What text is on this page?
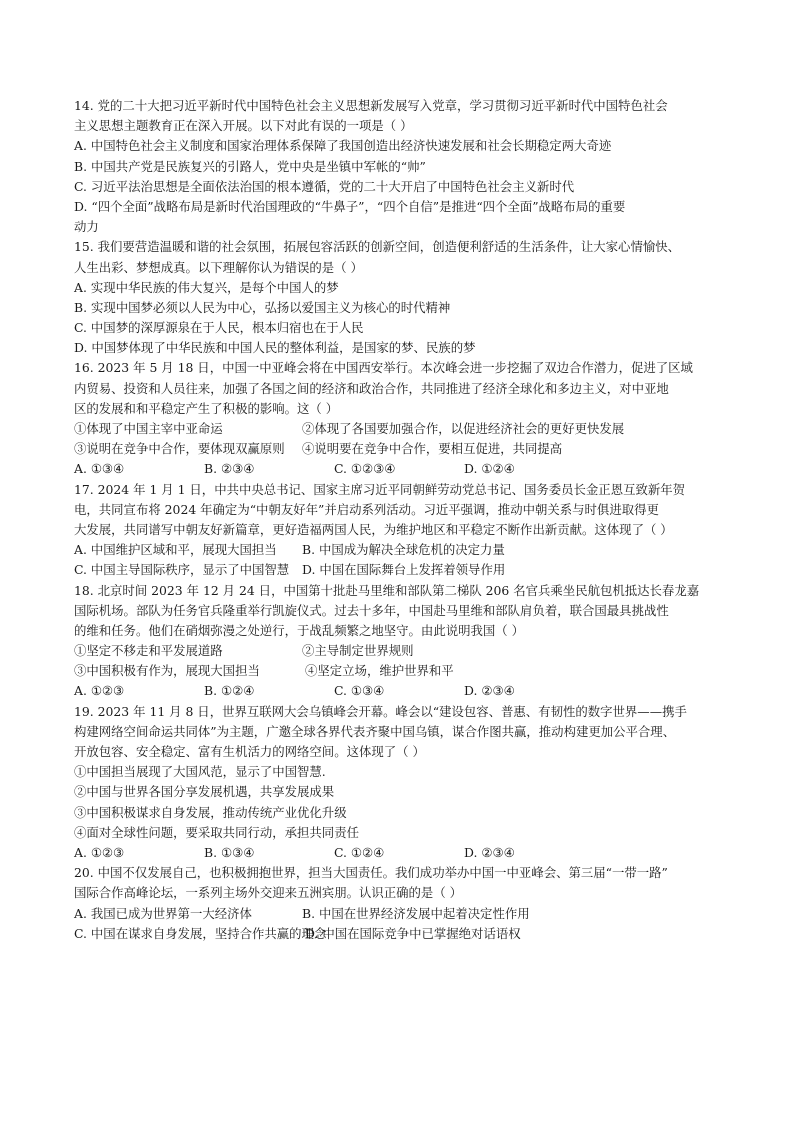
14. 党的二十大把习近平新时代中国特色社会主义思想新发展写入党章，学习贯彻习近平新时代中国特色社会
主义思想主题教育正在深入开展。以下对此有误的一项是（ ）
A. 中国特色社会主义制度和国家治理体系保障了我国创造出经济快速发展和社会长期稳定两大奇迹
B. 中国共产党是民族复兴的引路人，党中央是坐镇中军帐的“帅”
C. 习近平法治思想是全面依法治国的根本遵循，党的二十大开启了中国特色社会主义新时代
D. “四个全面”战略布局是新时代治国理政的“牛鼻子”，“四个自信”是推进“四个全面”战略布局的重要
动力
15. 我们要营造温暖和谐的社会氛围，拓展包容活跃的创新空间，创造便利舒适的生活条件，让大家心情愉快、
人生出彩、梦想成真。以下理解你认为错误的是（ ）
A. 实现中华民族的伟大复兴，是每个中国人的梦
B. 实现中国梦必须以人民为中心，弘扬以爱国主义为核心的时代精神
C. 中国梦的深厚源泉在于人民，根本归宿也在于人民
D. 中国梦体现了中华民族和中国人民的整体利益，是国家的梦、民族的梦
16. 2023 年 5 月 18 日，中国一中亚峰会将在中国西安举行。本次峰会进一步挖掘了双边合作潜力，促进了区域
内贸易、投资和人员往来，加强了各国之间的经济和政治合作，共同推进了经济全球化和多边主义，对中亚地
区的发展和和平稳定产生了积极的影响。这（ ）
①体现了中国主宰中亚命运	②体现了各国要加强合作，以促进经济社会的更好更快发展
③说明在竞争中合作，要体现双赢原则	④说明要在竞争中合作，要相互促进，共同提高
A. ①③④	B. ②③④	C. ①②③④	D. ①②④
17. 2024 年 1 月 1 日，中共中央总书记、国家主席习近平同朝鲜劳动党总书记、国务委员长金正恩互致新年贺
电，共同宣布将 2024 年确定为“中朝友好年”并启动系列活动。习近平强调，推动中朝关系与时俱进取得更
大发展，共同谱写中朝友好新篇章，更好造福两国人民，为维护地区和平稳定不断作出新贡献。这体现了（ ）
A. 中国维护区域和平，展现大国担当	B. 中国成为解决全球危机的决定力量
C. 中国主导国际秩序，显示了中国智慧	D. 中国在国际舞台上发挥着领导作用
18. 北京时间 2023 年 12 月 24 日，中国第十批赴马里维和部队第二梯队 206 名官兵乘坐民航包机抵达长春龙嘉
国际机场。部队为任务官兵隆重举行凯旋仪式。过去十多年，中国赴马里维和部队肩负着，联合国最具挑战性
的维和任务。他们在硝烟弥漫之处逆行，于战乱频繁之地坚守。由此说明我国（ ）
①坚定不移走和平发展道路	②主导制定世界规则
③中国积极有作为，展现大国担当	④坚定立场，维护世界和平
A. ①②③	B. ①②④	C. ①③④	D. ②③④
19. 2023 年 11 月 8 日，世界互联网大会乌镇峰会开幕。峰会以“建设包容、普惠、有韧性的数字世界——携手
构建网络空间命运共同体”为主题，广邀全球各界代表齐聚中国乌镇，谋合作图共赢，推动构建更加公平合理、
开放包容、安全稳定、富有生机活力的网络空间。这体现了（ ）
①中国担当展现了大国风范，显示了中国智慧.
②中国与世界各国分享发展机遇，共享发展成果
③中国积极谋求自身发展，推动传统产业优化升级
④面对全球性问题，要采取共同行动，承担共同责任
A. ①②③	B. ①③④	C. ①②④	D. ②③④
20. 中国不仅发展自己，也积极拥抱世界，担当大国责任。我们成功举办中国一中亚峰会、第三届“一带一路”
国际合作高峰论坛，一系列主场外交迎来五洲宾朋。认识正确的是（ ）
A. 我国已成为世界第一大经济体	B. 中国在世界经济发展中起着决定性作用
C. 中国在谋求自身发展，坚持合作共赢的理念
D. 中国在国际竞争中已掌握绝对话语权
